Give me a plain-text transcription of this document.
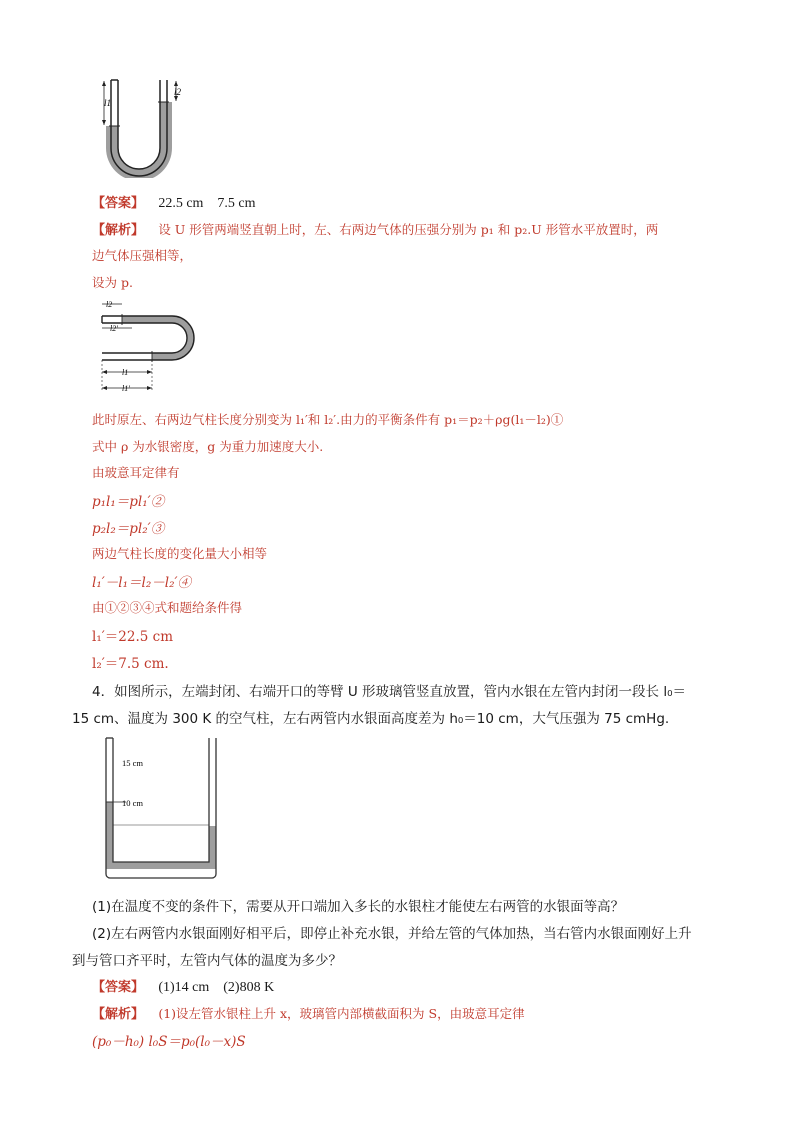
l1
l2
【答案】 22.5 cm　7.5 cm
【解析】 设 U 形管两端竖直朝上时，左、右两边气体的压强分别为 p₁ 和 p₂.U 形管水平放置时，两
边气体压强相等，
设为 p.
l2
l2'
l1
l1'
此时原左、右两边气柱长度分别变为 l₁′和 l₂′.由力的平衡条件有 p₁＝p₂＋ρg(l₁－l₂)①
式中 ρ 为水银密度，g 为重力加速度大小.
由玻意耳定律有
p₁l₁＝pl₁′②
p₂l₂＝pl₂′③
两边气柱长度的变化量大小相等
l₁′－l₁＝l₂－l₂′④
由①②③④式和题给条件得
l₁′＝22.5 cm
l₂′＝7.5 cm.
4．如图所示，左端封闭、右端开口的等臂 U 形玻璃管竖直放置，管内水银在左管内封闭一段长 l₀＝
15 cm、温度为 300 K 的空气柱，左右两管内水银面高度差为 h₀＝10 cm，大气压强为 75 cmHg.
15 cm
10 cm
(1)在温度不变的条件下，需要从开口端加入多长的水银柱才能使左右两管的水银面等高？
(2)左右两管内水银面刚好相平后，即停止补充水银，并给左管的气体加热，当右管内水银面刚好上升
到与管口齐平时，左管内气体的温度为多少？
【答案】 (1)14 cm　(2)808 K
【解析】 (1)设左管水银柱上升 x，玻璃管内部横截面积为 S，由玻意耳定律
(p₀－h₀) l₀S＝p₀(l₀－x)S
